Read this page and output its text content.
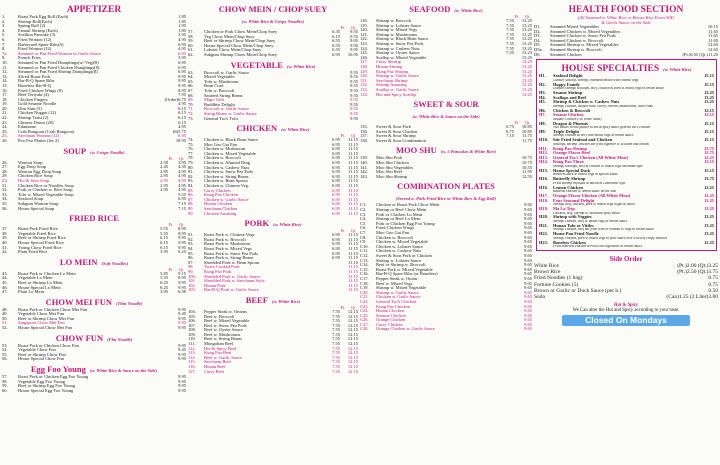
APPETIZER
1.	Roast Pork Egg Roll (Each)	1.85
2.	Shrimp Roll(Each)	1.85
3.	Spring Roll (2)	1.95
4.	Fantail Shrimp (Each)	1.85
5.	Scallion Pancake (3)	3.95
6.	Fried Wonton (12)	4.95
7.	Barbecued Spare Ribs(S)	6.95
8.	Fried Wonton (12)	4.95
7a.	Steamed or Pan Fried Wonton in Garlic Sauce	6.95
9.	French Fries	3.95
10.	Steamed or Pan Fried Dumplings(w/ Veg)(8)	6.95
11.	Steamed or Pan Fried Chicken Dumplings(8)	6.95
12.	Steamed or Pan Fried Shrimp Dumplings(8)	6.95
13.	Sliced Roast Pork	9.95
14.	Bar-B-Q Spare Ribs	9.95
15.	Boneless Bar-B-Q	9.95
16.	Fried Chicken Wings (8)	8.95
17.	Beef Teriyaki (4)	7.95
18.	Chicken Fingers	(Order)6.75
19.	Gold Sesame Noodle	4.95
20.	Dim Sum (5)	6.15
21.	Chicken Nugget (12)	6.15
22.	Shrimp Toast (2)	6.15
23.	Chinese Donut (20)	6.15
24.	Edamame	4.95
25.	Crab Rangoon (Crab Rangoon)	(6)3.75
Z1.	Szechuan Wonton (12)	6.95
26.	Poo Poo Platter (for 2)	18.95
SOUP (w. Crispy Noodle)
Pt. Qt.
26.	Wonton Soup	2.50	3.95
27.	Egg Drop Soup	2.45	4.35
28.	Wonton Egg Drop Soup	2.85	4.95
29.	Chicken Rice Soup	2.95	4.95
Z2.	Hot & Sour Soup	2.95	4.95
31.	Chicken Rice or Noodles Soup	2.95	4.95
32.	Pork or Chicken w. Rice Soup	2.95	4.95
33.	Tofu w. Mixed Vegetable Soup	5.55
34.	Seafood Soup	6.95
35.	Subgum Wonton Soup	7.15
36.	House Special Soup	7.15
FRIED RICE
Pt. Qt.
37.	Roast Pork Fried Rice	5.55	8.95
38.	Vegetable Fried Rice	5.55	8.95
39.	Beef or Shrimp Fried Rice	6.15	9.95
40.	House Special Fried Rice	6.15	9.95
41.	Young Chow Fried Rice	6.15	9.95
42.	Plain Fried Rice	3.95	6.25
LO MEIN (Soft Noodles)
Pt. Qt.
43.	Roast Pork or Chicken Lo Mein	5.85	9.15
44.	Vegetable Lo Mein	5.55	8.95
45.	Beef or Shrimp Lo Mein	6.25	9.95
46.	House Special Lo Mein	6.25	9.95
47.	Plain Lo Mein	3.95	6.50
CHOW MEI FUN (Thin Noodle)
48.	Roast Pork or Chicken Chow Mei Fun	9.95
49.	Vegetable Chow Mei Fun	9.45
50.	Beef or Shrimp Chow Mei Fun	9.95
51.	Singapore Chow Mei Fun	9.95
52.	House Special Chow Mei Fun	9.95
CHOW FUN (Flat Noodle)
53.	Roast Pork or Chicken Chow Fun	9.95
54.	Vegetable Chow Fun	9.45
55.	Beef or Shrimp Chow Fun	9.95
56.	House Special Chow Fun	9.95
Egg Foo Young (w. White Rice & Sauce on the Side)
57.	Roast Pork or Chicken Egg Foo Young	9.95
58.	Vegetable Egg Foo Young	9.95
59.	Beef or Shrimp Egg Foo Young	9.95
60.	House Special Egg Foo Young	9.95
CHOW MEIN / CHOP SUEY
(w. White Rice & Crispy Noodles)
Pt. Qt.
57.	Chicken or Pork Chow Mein/Chop Suey	6.35	9.55
58.	Veg Chow Mein/Chop Suey	6.15	9.55
59.	Beef or Shrimp Chow Mein/Chop Suey	6.55	9.95
60.	House Special Chow Mein/Chop Suey	6.55	9.95
61.	Lobster Chow Mein/Chop Suey	6.55	9.95
62.	Subgum Shrimp Chow Mein/Chop Suey	6.95	10.95
VEGETABLE (w. White Rice)
63.	Broccoli w. Garlic Sauce	9.55
64.	Mixed Vegetable	9.55
65.	Tofu w. Mushroom	9.55
66.	Bean Curd	9.55
67.	Tofu w. Broccoli	9.55
68.	Sauteed String Beans	9.55
69.	Mapo Tofu	9.55
70.	Buddhist Delight	9.55
71.	Broccoli w. Garlic Sauce	9.55
72.	String Beans w. Garlic Sauce	9.55
73.	General Tso's Tofu	9.95
CHICKEN (w. White Rice)
Pt. Qt.
74.	Chicken w. Black Bean Sauce	6.95	11.15
75.	Moo Goo Gai Pan	6.95	11.15
76.	Chicken w. Mushroom	6.95	11.15
77.	Chicken w. Mixed Vegetable	6.95	11.15
78.	Chicken w. Broccoli	6.95	11.15
79.	Chicken w. Almond Ding	6.95	11.15
80.	Chicken w. Cashew Nuts	6.95	11.15
81.	Chicken w. Snow Pea Pods	6.95	11.15
82.	Chicken w. String Beans	6.95	11.15
83.	Chicken w. Bean Sprout	6.95	11.15
84.	Chicken w. Chinese Veg.	6.95	11.15
85.	Curry Chicken	6.95	11.15
86.	Kung Pao Chicken	6.95	11.15
87.	Chicken w. Garlic Sauce	6.95	11.15
88.	Hunan Chicken	6.95	11.15
89.	Szechuan Chicken	6.95	11.15
90.	Chicken Amazing	6.95	11.15
PORK (w. White Rice)
Pt. Qt.
91.	Roast Pork w. Chinese Vegs	6.95	11.15
92.	Roast Pork w. Broccoli	6.95	11.15
93.	Roast Pork w. Mushroom	6.95	11.15
94.	Roast Pork w. Mixed Vegs	6.95	11.15
95.	Roast Pork w. Snow Pea Pods	6.95	11.15
96.	Roast Pork w. String Beans	6.95	11.15
97.	Shredded Pork w. Bean Sprout	11.15
98.	Twice Cooked Pork	11.15
99.	Kung Pao Pork	11.15
100.	Shredded Pork w. Garlic Sauce	11.15
101.	Shredded Pork w. Szechuan Style	11.15
102.	Hunan Pork	11.15
103.	Bar-B-Q Pork w. Garlic Sauce	11.15
BEEF (w. White Rice)
Pt. Qt.
104.	Pepper Steak w. Onions	7.55	12.15
105.	Beef w. Broccoli	7.55	12.15
106.	Beef w. Mixed Vegetable	7.55	12.15
107.	Beef w. Snow Pea Pods	7.55	12.15
108.	Beef w. Oyster Sauce	7.55	12.15
109.	Beef w. Mushrooms	7.55	12.15
110.	Beef w. String Beans	7.55	12.15
111.	Mongolian Beef	7.55	12.15
112.	Hot & Spicy Beef	7.55	12.15
113.	Kung Pao Beef	7.55	12.15
114.	Beef w. Garlic Sauce	7.55	12.15
115.	Szechuan Beef	7.55	12.15
116.	Hunan Beef	7.55	12.15
117.	Curry Beef	7.55	12.15
SEAFOOD (w. White Rice)
Pt. Qt.
118.	Shrimp w. Broccoli	7.55	13.25
119.	Shrimp w. Lobster Sauce	7.55	13.25
120.	Shrimp w. Mixed Vegs	7.55	13.25
121.	Shrimp w. Mushrooms	7.55	13.25
122.	Shrimp w. Black Bean Sauce	7.55	13.25
123.	Shrimp w. Snow Pea Pods	7.55	13.25
124.	Shrimp w. Cashew Nuts	7.55	13.25
125.	Shrimp w. Oyster Sauce	7.55	13.25
126.	Scallop w. Mixed Vegetable	13.25
127.	Curry Shrimp	13.25
128.	Hunan Shrimp	13.25
129.	Kung Pao Shrimp	13.25
130.	Shrimp w. Garlic Sauce	13.25
131.	Szechuan Shrimp	13.25
132.	Shrimp Amazing	13.25
133.	Scallop w. Garlic Sauce	13.25
134.	Hot and Spicy Scallop	13.25
SWEET & SOUR
(w. White Rice & Sauce on the Side)
Pt. Qt.
135.	Sweet & Sour Pork	6.75	10.85
136.	Sweet & Sour Chicken	6.75	10.85
137.	Sweet & Sour Shrimp	7.15	11.75
138.	Sweet & Sour Combination	11.75
MOO SHU (w. 5 Pancakes & White Rice)
139.	Moo Shu Pork	10.75
140.	Moo Shu Chicken	10.75
141.	Moo Shu Vegetables	10.55
142.	Moo Shu Beef	11.95
143.	Moo Shu Shrimp	12.55
COMBINATION PLATES
(Served w. Pork Fried Rice or White Rice & Egg Roll)
C1.	Chicken or Roast Pork Chow Mein	9.65
C2.	Shrimp or Beef Chow Mein	9.65
C3.	Pork or Chicken Lo Mein	9.65
C4.	Shrimp or Beef Lo Mein	9.65
C5.	Pork or Chicken Egg Foo Young	9.65
C6.	Fried Chicken Wings	9.65
C7.	Moo Goo Gai Pan	9.65
C8.	Chicken w. Broccoli	9.65
C9.	Chicken w. Mixed Vegetable	9.65
C10.	Chicken w. Lobster Sauce	9.65
C11.	Chicken w. Cashew Nuts	9.65
C12.	Sweet & Sour Pork or Chicken	9.65
C13.	Shrimp w. Lobster Sauce	9.65
C14.	Beef or Shrimp w. Broccoli	9.65
C15.	Roast Pork w. Mixed Vegetable	9.65
C16.	Bar-B-Q Spare Ribs (or Boneless)	9.65
C17.	Pepper Steak w. Onion	9.65
C18.	Beef w. Mixed Vegs	9.65
C19.	Shrimp w. Mixed Vegetable	9.65
C20.	Shrimp w. Garlic Sauce	9.65
C21.	Chicken w. Garlic Sauce	9.65
C22.	General Tso's Chicken	9.65
C23.	Kung Pao Chicken	9.65
C24.	Hunan Chicken	9.65
C25.	Sesame Chicken	9.65
C26.	Orange Chicken	9.65
C27.	Curry Chicken	9.65
C28.	Orange Chicken w. Garlic Sauce	9.65
HEALTH FOOD SECTION
(All Steamed w. White Rice or Brown Rice Extra 50¢)
& Garlic Sauce on the Side
D1.	Steamed Mixed Vegetables	10.15
D2.	Steamed Chicken w. Mixed Vegetables	11.65
D3.	Steamed Chicken w. Snow Pea Pods	11.65
D4.	Steamed Chicken w. Broccoli	11.65
D5.	Steamed Shrimp w. Mixed Vegetables	12.65
D5a.	Steamed Shrimp w. Broccoli	12.65
D6.	Steamed Chicken	(Pt.)6.55 (Qt.)11.25
HOUSE SPECIALTIES (w. White Rice)
H1.	Seafood Delight	15.15
Lobster, scallop, shrimp, crabmeat mixed with chinese vegs
H2.	Happy Family	15.15
Lobster, shrimp, scallops, beef, chicken & pork w. mixed vegs in brown sauce
H3.	Sesame Shrimp	13.25
H4.	Scallops and Beef	13.25
H5.	Shrimp & Chicken w. Cashew Nuts	13.25
Shrimp, chicken, cashew nuts, celery, carrots, mushrooms, water nuts
H6.	Chicken & Broccoli	12.15
H7.	Sesame Chicken	12.15
Sesame Chicken (All White Meat)
H8.	Dragon & Phoenix	15.15
Two dishes in one platter to hot & spicy sauce general tso's chicken
H9.	Triple Delight	15.15
Shrimp, chicken & beef with mixed vegs in brown sauce
H10.	Stir Fried Seafood and Chicken	15.15
Scallops, shrimp, chicken stir fried together w. scallion and onions
H11.	Kung Pao Shrimp	12.75
H12.	Orange Flavor Beef	12.75
H13.	General Tso's Chicken (All White Meat)	12.25
H14.	Kung Pao Three	12.15
Shrimp, scallops, beef & chicken w. mixed vegs Szechuan style
H15.	House Special Duck	15.15
Boneless duck w. mixed vegs in special sauce
H16.	Butterfly Shrimp	13.75
Fried shrimp enfolded in bacon & Cantonese style
H16.	Lemon Chicken	12.25
Battered chicken w. lemon sauce on the side
H17.	Orange Flavor Chicken (All White Meat)	12.25
H18.	Four Seasonal Delight	13.25
Shrimp, beef, chicken, pork w. mixed vegs in garlic sauce
H19.	Ma La Trip	13.25
Chicken, beef, shrimp w. Szechuan spicy sauce
H20.	Shrimp with Veggies	13.25
Shrimp, chicken, beef w. mixed vegs in brown sauce
H21.	Hunan Tofu or Vittles	13.25
Shrimp, chicken, beef stir fried with or without w. vegs in brown sauce
H22.	House Pan Fried Noodle	13.25
Shrimp, chicken, pork w. mixed vegs in your sauce over a bed of crispy noodles
H23.	Boneless Chicken	12.25
Fried boneless chicken served with vegetables in brown sauce
Side Order
White Rice	(Pt.)2.00 (Qt.)3.25
Brown Rice	(Pt.)2.50 (Qt.)3.75
Fried Noodles (1 bag)	0.75
Fortune Cookies (5)	0.75
Brown or Garlic or Duck Sauce (per b.)	0.50
Soda	(Can)1.25 (2 Liter)3.00
Hot & Spicy
We Can alter the Hot and Spicy according to your taste.
Closed On Mondays
